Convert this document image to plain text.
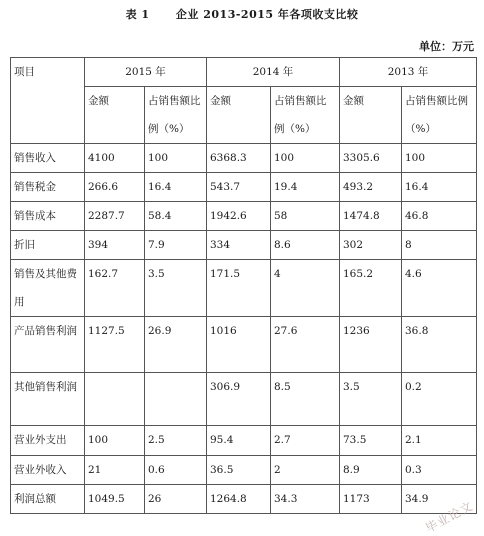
表 1 企业 2013-2015 年各项收支比较
单位：万元
项目	2015 年		2014 年		2013 年	
	金额	占销售额比例（%）	金额	占销售额比例（%）	金额	占销售额比例（%）
销售收入	4100	100	6368.3	100	3305.6	100
销售税金	266.6	16.4	543.7	19.4	493.2	16.4
销售成本	2287.7	58.4	1942.6	58	1474.8	46.8
折旧	394	7.9	334	8.6	302	8
销售及其他费用	162.7	3.5	171.5	4	165.2	4.6
产品销售利润	1127.5	26.9	1016	27.6	1236	36.8
其他销售利润			306.9	8.5	3.5	0.2
营业外支出	100	2.5	95.4	2.7	73.5	2.1
营业外收入	21	0.6	36.5	2	8.9	0.3
利润总额	1049.5	26	1264.8	34.3	1173	34.9
毕业论文
